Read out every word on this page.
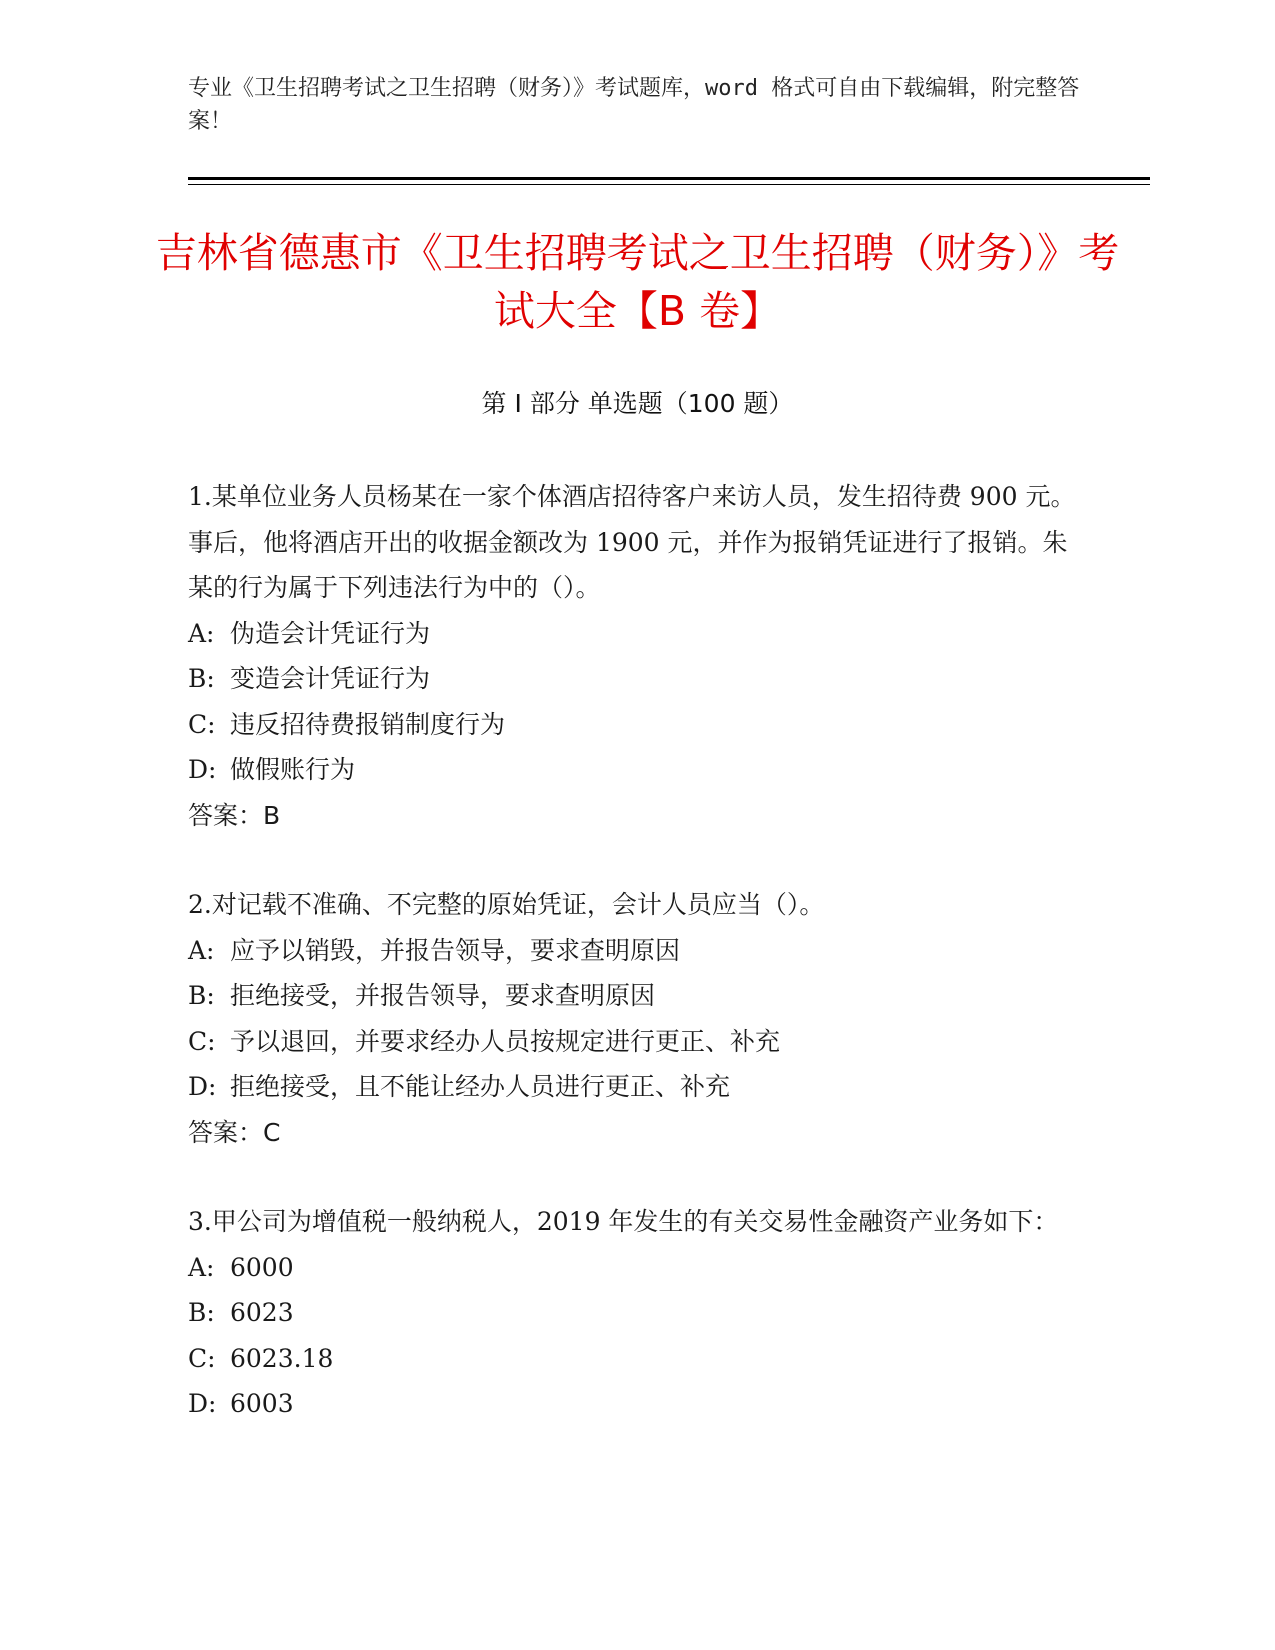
专业《卫生招聘考试之卫生招聘（财务）》考试题库，word 格式可自由下载编辑，附完整答案！
吉林省德惠市《卫生招聘考试之卫生招聘（财务）》考试大全【B 卷】
第 I 部分 单选题（100 题）

1.某单位业务人员杨某在一家个体酒店招待客户来访人员，发生招待费 900 元。事后，他将酒店开出的收据金额改为 1900 元，并作为报销凭证进行了报销。朱某的行为属于下列违法行为中的（）。

A: 伪造会计凭证行为
B: 变造会计凭证行为
C: 违反招待费报销制度行为
D: 做假账行为

答案：B

2.对记载不准确、不完整的原始凭证，会计人员应当（）。

A: 应予以销毁，并报告领导，要求查明原因
B: 拒绝接受，并报告领导，要求查明原因
C: 予以退回，并要求经办人员按规定进行更正、补充
D: 拒绝接受，且不能让经办人员进行更正、补充

答案：C

3.甲公司为增值税一般纳税人，2019 年发生的有关交易性金融资产业务如下：

A: 6000
B: 6023
C: 6023.18
D: 6003
